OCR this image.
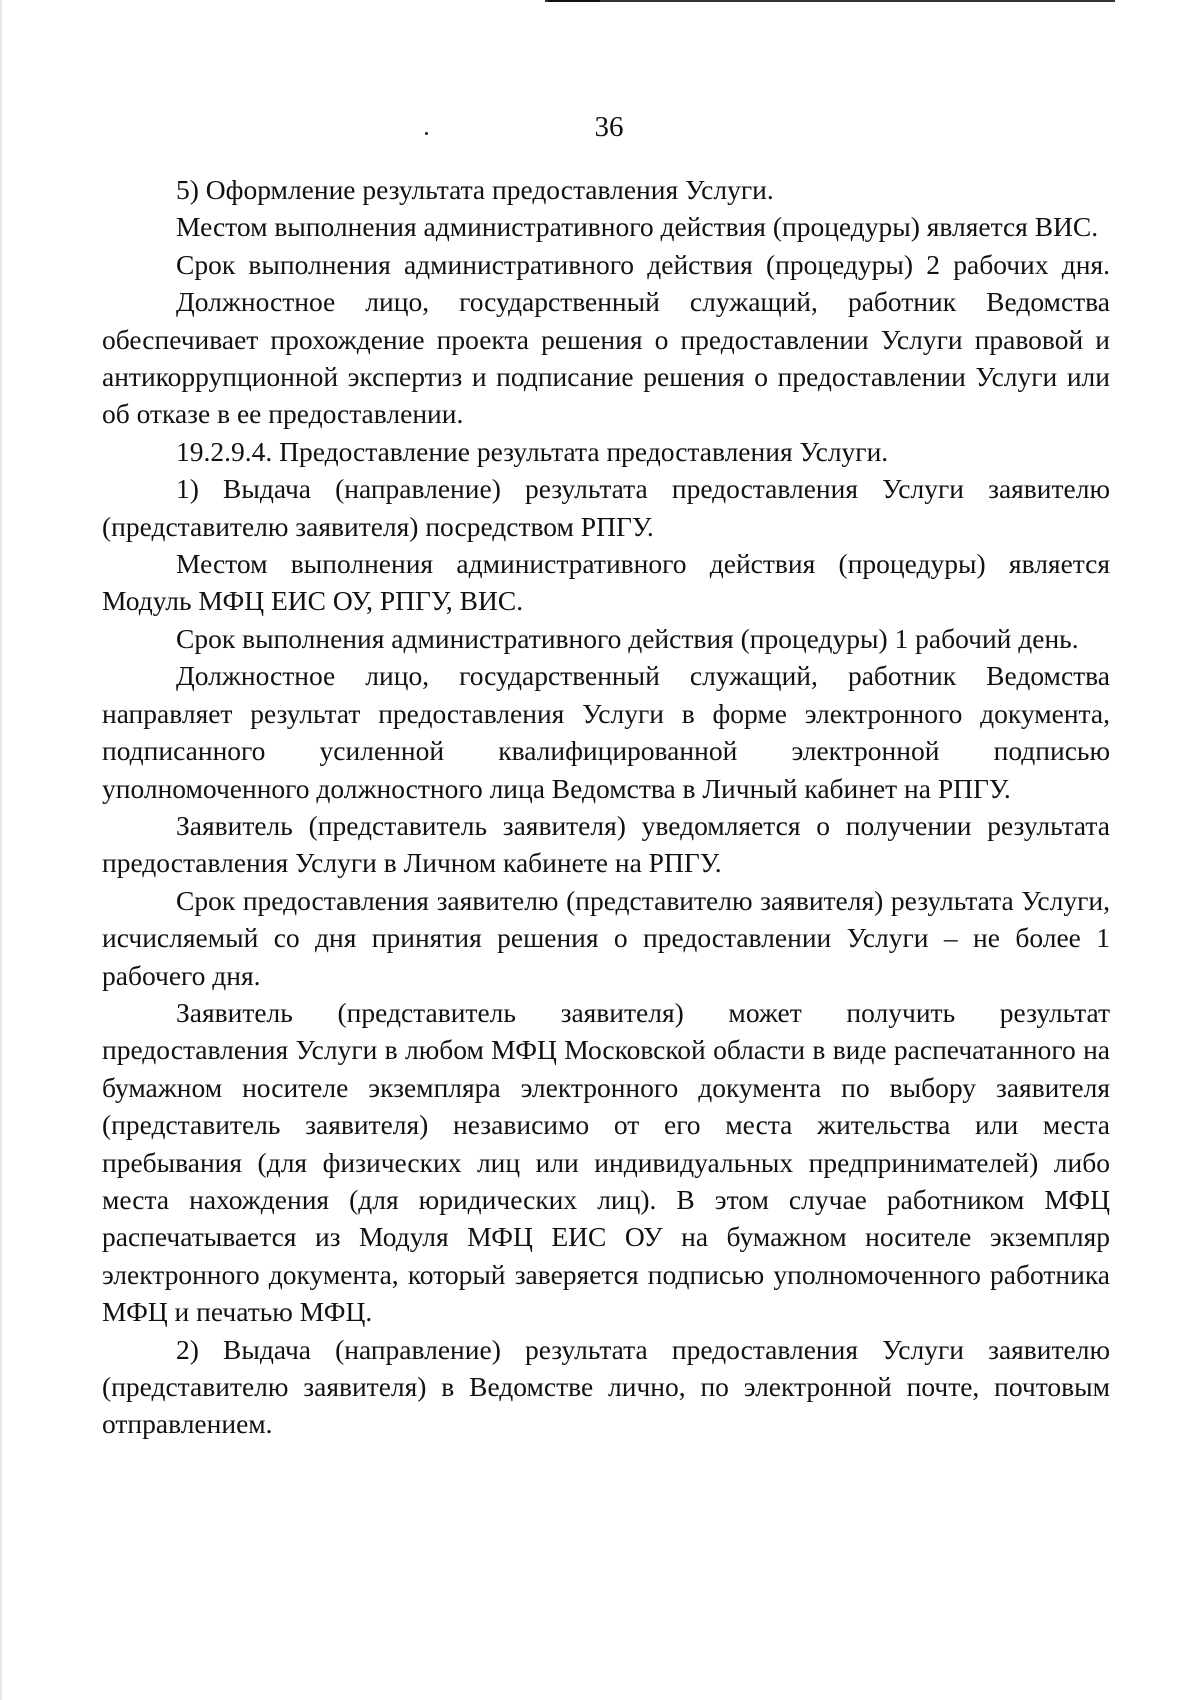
36

5) Оформление результата предоставления Услуги.

Местом выполнения административного действия (процедуры) является ВИС.

Срок выполнения административного действия (процедуры) 2 рабочих дня.

Должностное лицо, государственный служащий, работник Ведомства обеспечивает прохождение проекта решения о предоставлении Услуги правовой и антикоррупционной экспертиз и подписание решения о предоставлении Услуги или об отказе в ее предоставлении.

19.2.9.4. Предоставление результата предоставления Услуги.

1) Выдача (направление) результата предоставления Услуги заявителю (представителю заявителя) посредством РПГУ.

Местом выполнения административного действия (процедуры) является Модуль МФЦ ЕИС ОУ, РПГУ, ВИС.

Срок выполнения административного действия (процедуры) 1 рабочий день.

Должностное лицо, государственный служащий, работник Ведомства направляет результат предоставления Услуги в форме электронного документа, подписанного усиленной квалифицированной электронной подписью уполномоченного должностного лица Ведомства в Личный кабинет на РПГУ.

Заявитель (представитель заявителя) уведомляется о получении результата предоставления Услуги в Личном кабинете на РПГУ.

Срок предоставления заявителю (представителю заявителя) результата Услуги, исчисляемый со дня принятия решения о предоставлении Услуги – не более 1 рабочего дня.

Заявитель (представитель заявителя) может получить результат предоставления Услуги в любом МФЦ Московской области в виде распечатанного на бумажном носителе экземпляра электронного документа по выбору заявителя (представитель заявителя) независимо от его места жительства или места пребывания (для физических лиц или индивидуальных предпринимателей) либо места нахождения (для юридических лиц). В этом случае работником МФЦ распечатывается из Модуля МФЦ ЕИС ОУ на бумажном носителе экземпляр электронного документа, который заверяется подписью уполномоченного работника МФЦ и печатью МФЦ.

2) Выдача (направление) результата предоставления Услуги заявителю (представителю заявителя) в Ведомстве лично, по электронной почте, почтовым отправлением.
